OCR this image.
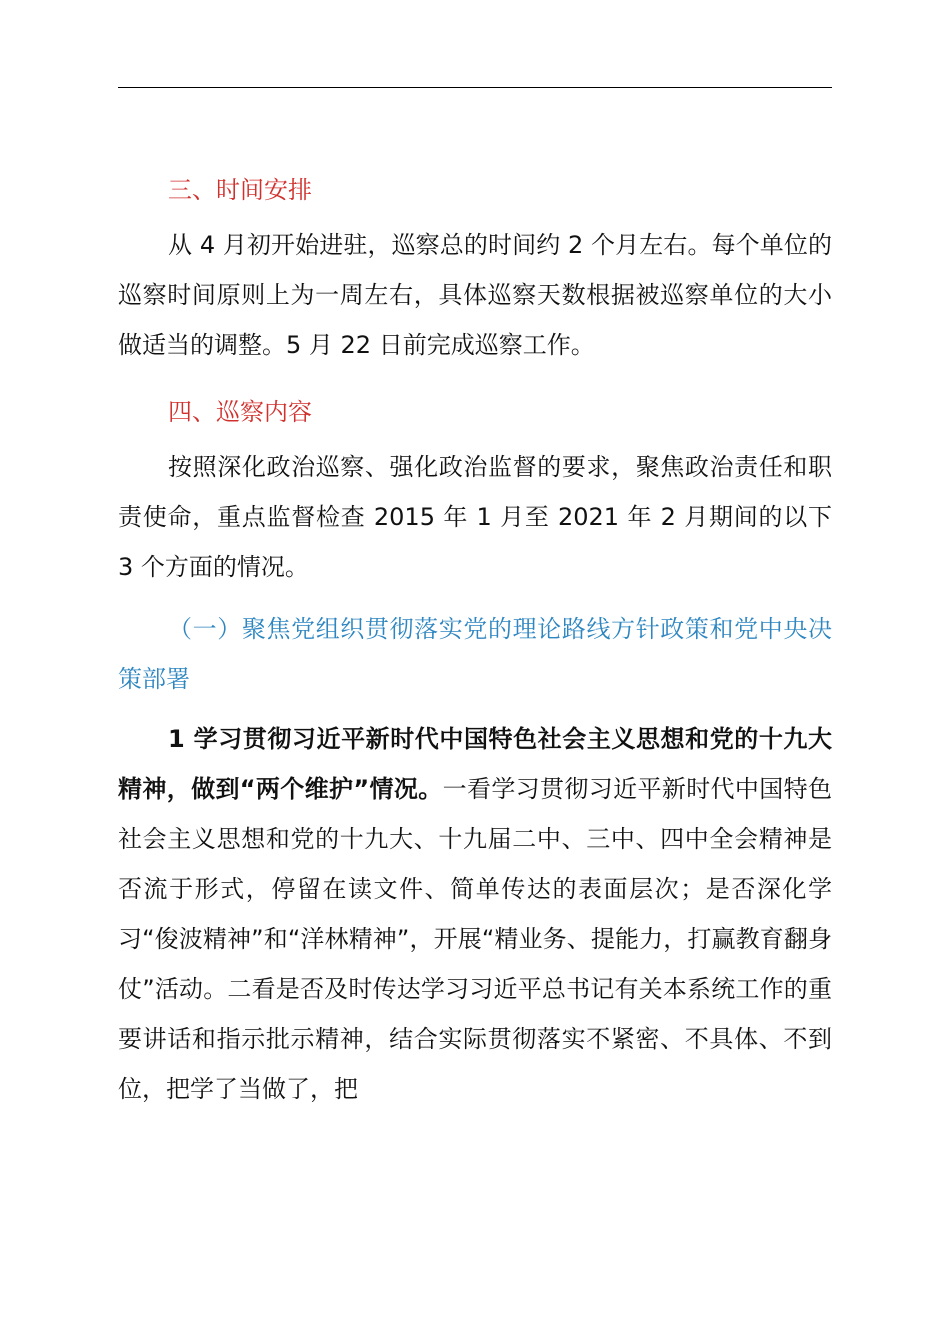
三、时间安排

从 4 月初开始进驻，巡察总的时间约 2 个月左右。每个单位的巡察时间原则上为一周左右，具体巡察天数根据被巡察单位的大小做适当的调整。5 月 22 日前完成巡察工作。

四、巡察内容

按照深化政治巡察、强化政治监督的要求，聚焦政治责任和职责使命，重点监督检查 2015 年 1 月至 2021 年 2 月期间的以下 3 个方面的情况。

（一）聚焦党组织贯彻落实党的理论路线方针政策和党中央决策部署

1 学习贯彻习近平新时代中国特色社会主义思想和党的十九大精神，做到“两个维护”情况。一看学习贯彻习近平新时代中国特色社会主义思想和党的十九大、十九届二中、三中、四中全会精神是否流于形式，停留在读文件、简单传达的表面层次；是否深化学习“俊波精神”和“洋林精神”，开展“精业务、提能力，打赢教育翻身仗”活动。二看是否及时传达学习习近平总书记有关本系统工作的重要讲话和指示批示精神，结合实际贯彻落实不紧密、不具体、不到位，把学了当做了，把
